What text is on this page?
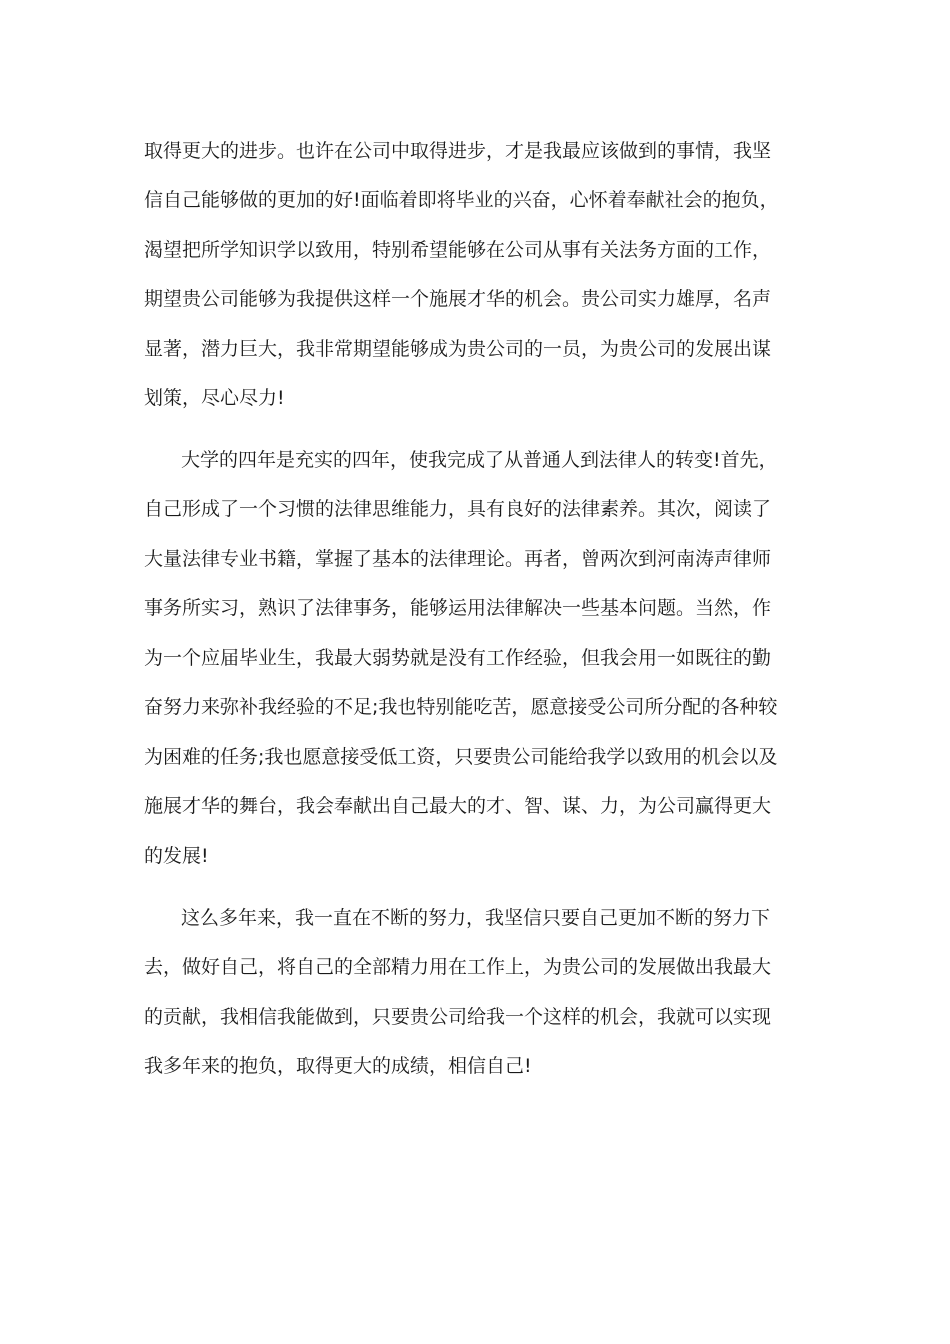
取得更大的进步。也许在公司中取得进步，才是我最应该做到的事情，我坚

信自己能够做的更加的好!面临着即将毕业的兴奋，心怀着奉献社会的抱负，

渴望把所学知识学以致用，特别希望能够在公司从事有关法务方面的工作，

期望贵公司能够为我提供这样一个施展才华的机会。贵公司实力雄厚，名声

显著，潜力巨大，我非常期望能够成为贵公司的一员，为贵公司的发展出谋

划策，尽心尽力!

大学的四年是充实的四年，使我完成了从普通人到法律人的转变!首先，

自己形成了一个习惯的法律思维能力，具有良好的法律素养。其次，阅读了

大量法律专业书籍，掌握了基本的法律理论。再者，曾两次到河南涛声律师

事务所实习，熟识了法律事务，能够运用法律解决一些基本问题。当然，作

为一个应届毕业生，我最大弱势就是没有工作经验，但我会用一如既往的勤

奋努力来弥补我经验的不足;我也特别能吃苦，愿意接受公司所分配的各种较

为困难的任务;我也愿意接受低工资，只要贵公司能给我学以致用的机会以及

施展才华的舞台，我会奉献出自己最大的才、智、谋、力，为公司赢得更大

的发展!

这么多年来，我一直在不断的努力，我坚信只要自己更加不断的努力下

去，做好自己，将自己的全部精力用在工作上，为贵公司的发展做出我最大

的贡献，我相信我能做到，只要贵公司给我一个这样的机会，我就可以实现

我多年来的抱负，取得更大的成绩，相信自己!
